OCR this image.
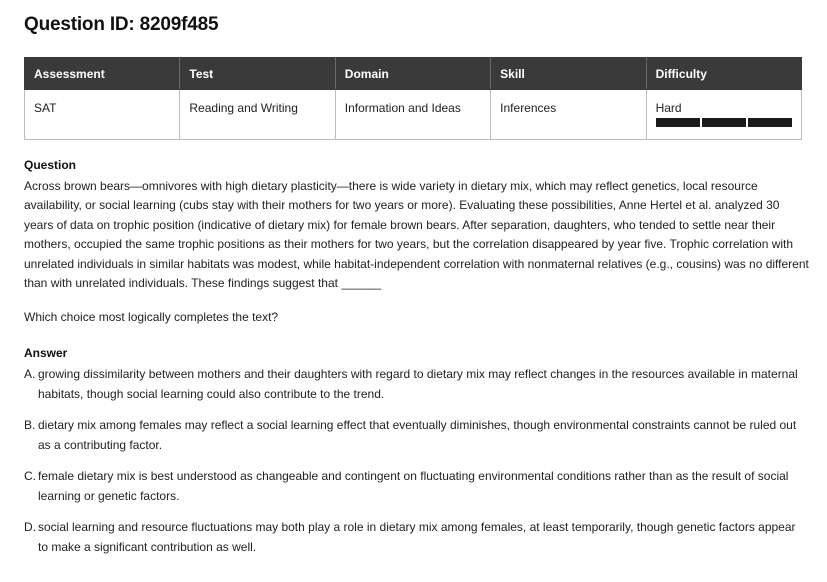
Question ID: 8209f485
Assessment	Test	Domain	Skill	Difficulty
SAT	Reading and Writing	Information and Ideas	Inferences	Hard
Question

Across brown bears—omnivores with high dietary plasticity—there is wide variety in dietary mix, which may reflect genetics, local resource availability, or social learning (cubs stay with their mothers for two years or more). Evaluating these possibilities, Anne Hertel et al. analyzed 30 years of data on trophic position (indicative of dietary mix) for female brown bears. After separation, daughters, who tended to settle near their mothers, occupied the same trophic positions as their mothers for two years, but the correlation disappeared by year five. Trophic correlation with unrelated individuals in similar habitats was modest, while habitat-independent correlation with nonmaternal relatives (e.g., cousins) was no different than with unrelated individuals. These findings suggest that ______

Which choice most logically completes the text?

Answer
A. growing dissimilarity between mothers and their daughters with regard to dietary mix may reflect changes in the resources available in maternal habitats, though social learning could also contribute to the trend.
B. dietary mix among females may reflect a social learning effect that eventually diminishes, though environmental constraints cannot be ruled out as a contributing factor.
C. female dietary mix is best understood as changeable and contingent on fluctuating environmental conditions rather than as the result of social learning or genetic factors.
D. social learning and resource fluctuations may both play a role in dietary mix among females, at least temporarily, though genetic factors appear to make a significant contribution as well.
